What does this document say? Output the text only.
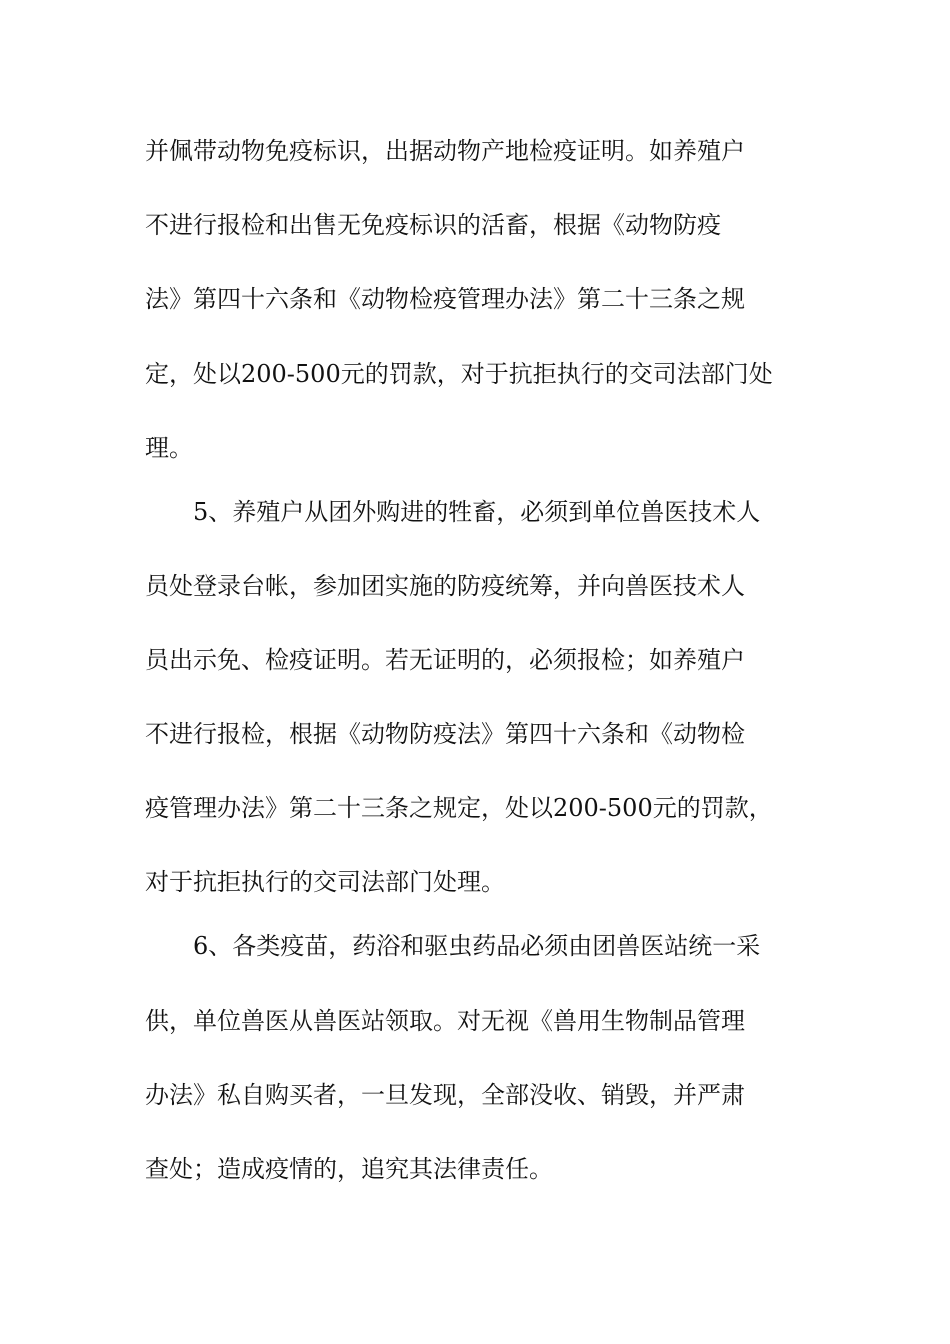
并佩带动物免疫标识，出据动物产地检疫证明。如养殖户
不进行报检和出售无免疫标识的活畜，根据《动物防疫
法》第四十六条和《动物检疫管理办法》第二十三条之规
定，处以200-500元的罚款，对于抗拒执行的交司法部门处
理。
5、养殖户从团外购进的牲畜，必须到单位兽医技术人
员处登录台帐，参加团实施的防疫统筹，并向兽医技术人
员出示免、检疫证明。若无证明的，必须报检；如养殖户
不进行报检，根据《动物防疫法》第四十六条和《动物检
疫管理办法》第二十三条之规定，处以200-500元的罚款，
对于抗拒执行的交司法部门处理。
6、各类疫苗，药浴和驱虫药品必须由团兽医站统一采
供，单位兽医从兽医站领取。对无视《兽用生物制品管理
办法》私自购买者，一旦发现，全部没收、销毁，并严肃
查处；造成疫情的，追究其法律责任。
